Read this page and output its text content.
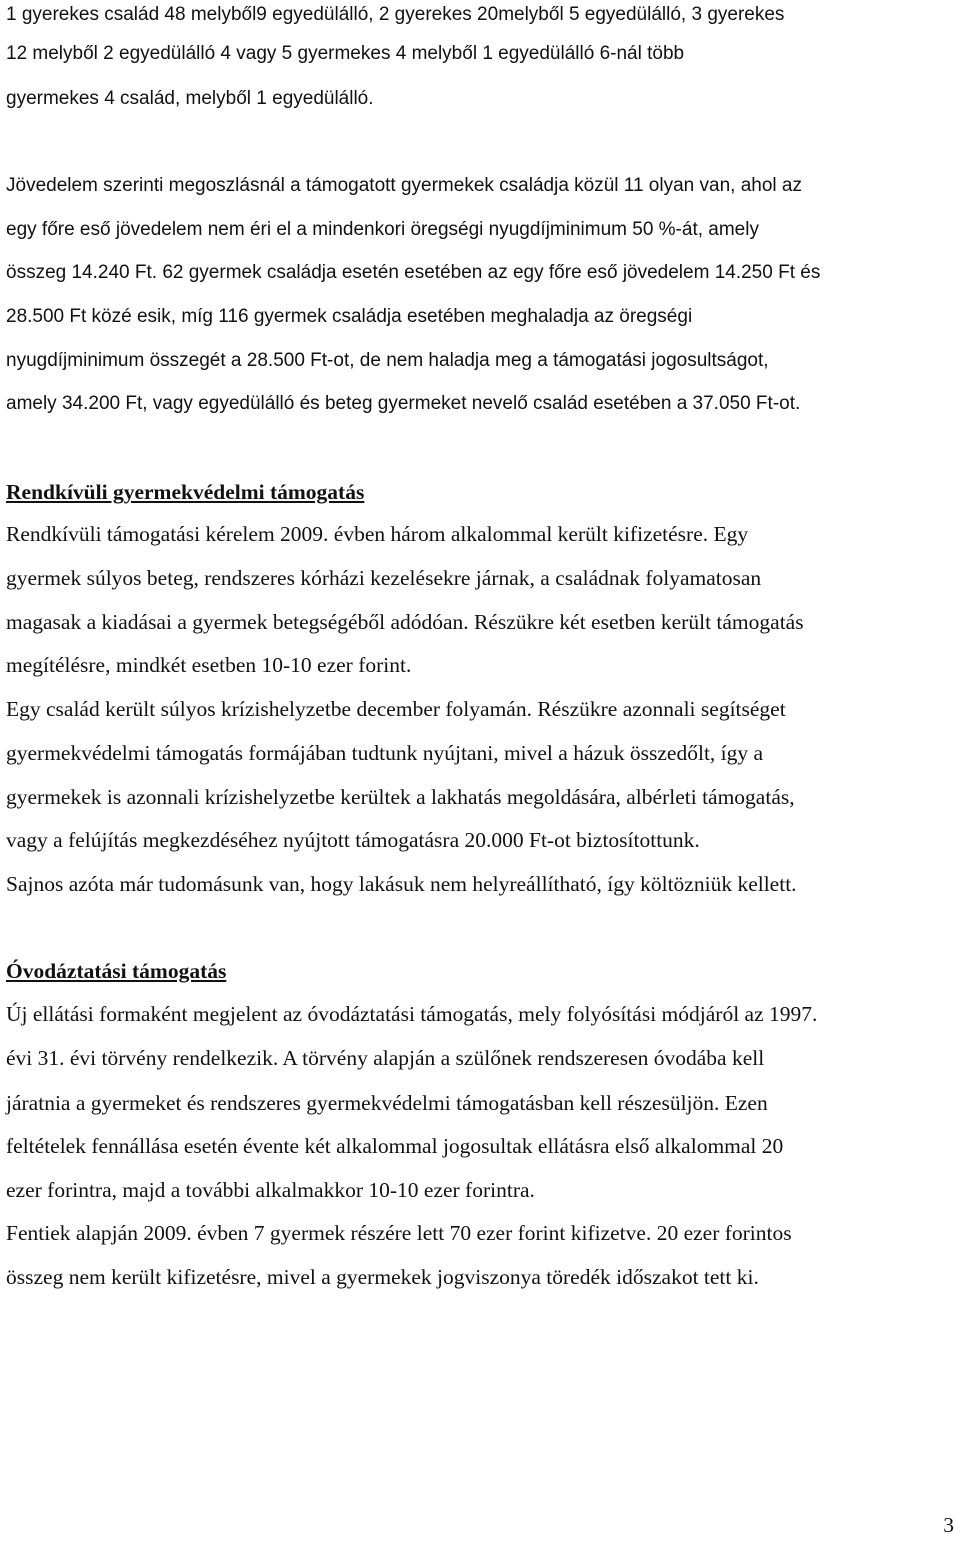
1 gyerekes család 48 melyből9 egyedülálló, 2 gyerekes 20melyből 5 egyedülálló, 3 gyerekes
12 melyből 2 egyedülálló 4 vagy 5 gyermekes 4 melyből 1 egyedülálló 6-nál több
gyermekes 4 család, melyből 1 egyedülálló.
Jövedelem szerinti megoszlásnál a támogatott gyermekek családja közül 11 olyan van, ahol az
egy főre eső jövedelem nem éri el a mindenkori öregségi nyugdíjminimum 50 %-át, amely
összeg 14.240 Ft. 62 gyermek családja esetén esetében az egy főre eső jövedelem 14.250 Ft és
28.500 Ft közé esik, míg 116 gyermek családja esetében meghaladja az öregségi
nyugdíjminimum összegét a 28.500 Ft-ot, de nem haladja meg a támogatási jogosultságot,
amely 34.200 Ft, vagy egyedülálló és beteg gyermeket nevelő család esetében a 37.050 Ft-ot.
Rendkívüli gyermekvédelmi támogatás
Rendkívüli támogatási kérelem 2009. évben három alkalommal került kifizetésre. Egy
gyermek súlyos beteg, rendszeres kórházi kezelésekre járnak, a családnak folyamatosan
magasak a kiadásai a gyermek betegségéből adódóan. Részükre két esetben került támogatás
megítélésre, mindkét esetben 10-10 ezer forint.
Egy család került súlyos krízishelyzetbe december folyamán. Részükre azonnali segítséget
gyermekvédelmi támogatás formájában tudtunk nyújtani, mivel a házuk összedőlt, így a
gyermekek is azonnali krízishelyzetbe kerültek a lakhatás megoldására, albérleti támogatás,
vagy a felújítás megkezdéséhez nyújtott támogatásra 20.000 Ft-ot biztosítottunk.
Sajnos azóta már tudomásunk van, hogy lakásuk nem helyreállítható, így költözniük kellett.
Óvodáztatási támogatás
Új ellátási formaként megjelent az óvodáztatási támogatás, mely folyósítási módjáról az 1997.
évi 31. évi törvény rendelkezik. A törvény alapján a szülőnek rendszeresen óvodába kell
járatnia a gyermeket és rendszeres gyermekvédelmi támogatásban kell részesüljön. Ezen
feltételek fennállása esetén évente két alkalommal jogosultak ellátásra első alkalommal 20
ezer forintra, majd a további alkalmakkor 10-10 ezer forintra.
Fentiek alapján 2009. évben 7 gyermek részére lett 70 ezer forint kifizetve. 20 ezer forintos
összeg nem került kifizetésre, mivel a gyermekek jogviszonya töredék időszakot tett ki.
3
